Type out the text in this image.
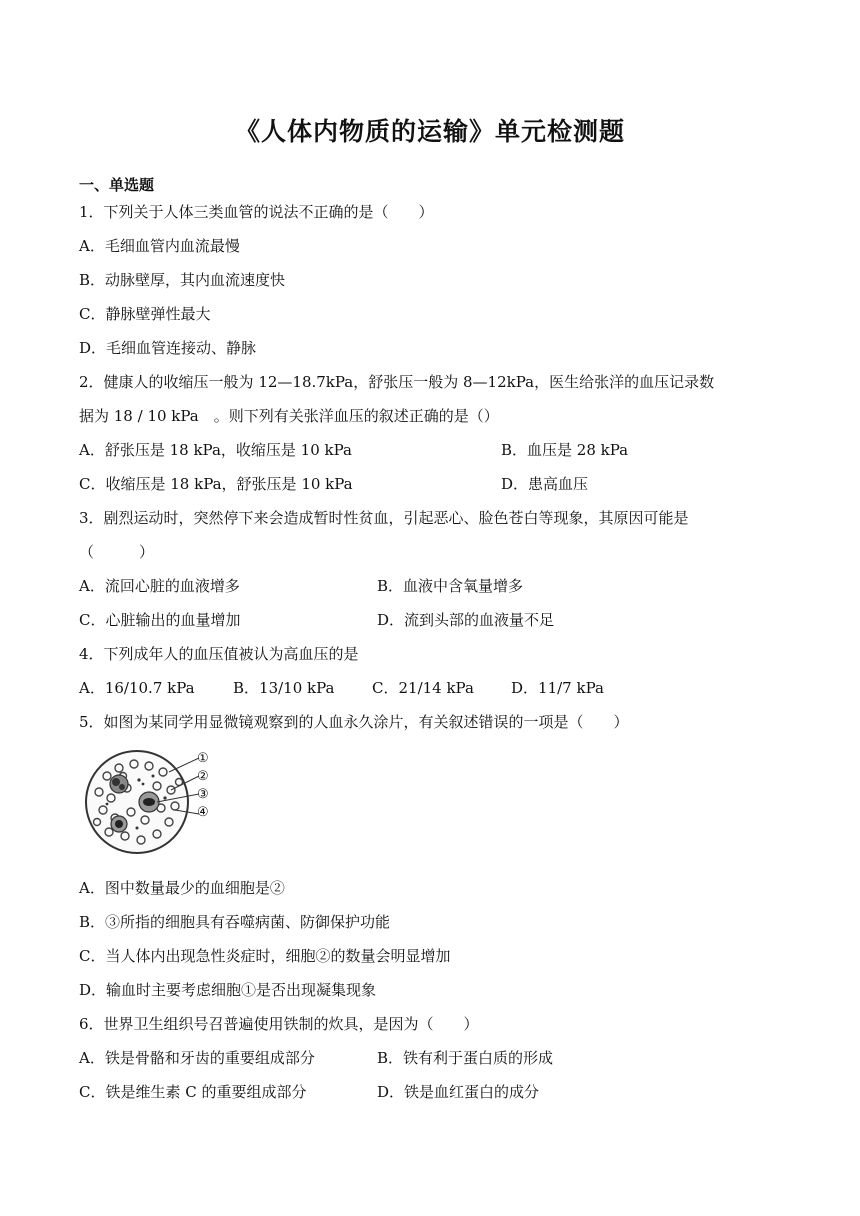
《人体内物质的运输》单元检测题
一、单选题
1．下列关于人体三类血管的说法不正确的是（　　）
A．毛细血管内血流最慢
B．动脉壁厚，其内血流速度快
C．静脉壁弹性最大
D．毛细血管连接动、静脉
2．健康人的收缩压一般为 12—18.7kPa，舒张压一般为 8—12kPa，医生给张洋的血压记录数
据为 18 / 10 kPa　。则下列有关张洋血压的叙述正确的是（）
A．舒张压是 18 kPa，收缩压是 10 kPa	B．血压是 28 kPa
C．收缩压是 18 kPa，舒张压是 10 kPa	D．患高血压
3．剧烈运动时，突然停下来会造成暂时性贫血，引起恶心、脸色苍白等现象，其原因可能是
（　　　）
A．流回心脏的血液增多	B．血液中含氧量增多
C．心脏输出的血量增加	D．流到头部的血液量不足
4．下列成年人的血压值被认为高血压的是
A．16/10.7 kPa	B．13/10 kPa	C．21/14 kPa D．11/7 kPa
5．如图为某同学用显微镜观察到的人血永久涂片，有关叙述错误的一项是（　　）
①
②
③
④
A．图中数量最少的血细胞是②
B．③所指的细胞具有吞噬病菌、防御保护功能
C．当人体内出现急性炎症时，细胞②的数量会明显增加
D．输血时主要考虑细胞①是否出现凝集现象
6．世界卫生组织号召普遍使用铁制的炊具，是因为（　　）
A．铁是骨骼和牙齿的重要组成部分	B．铁有利于蛋白质的形成
C．铁是维生素 C 的重要组成部分	D．铁是血红蛋白的成分
